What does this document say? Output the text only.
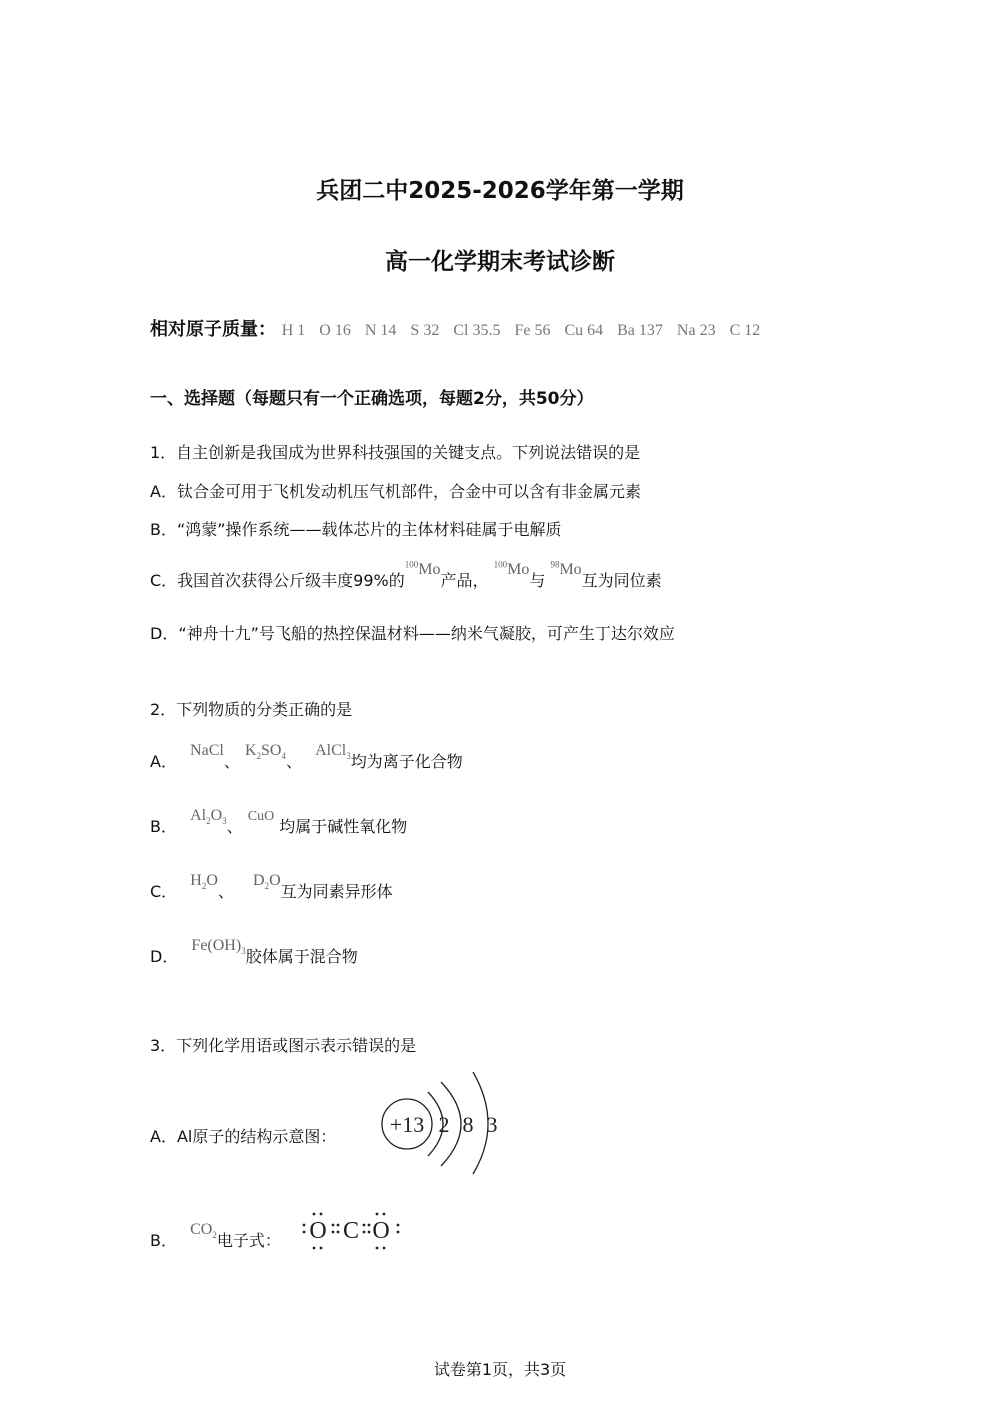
兵团二中2025-2026学年第一学期
高一化学期末考试诊断
相对原子质量： H 1 O 16 N 14 S 32 Cl 35.5 Fe 56 Cu 64 Ba 137 Na 23 C 12
一、选择题（每题只有一个正确选项，每题2分，共50分）
1．自主创新是我国成为世界科技强国的关键支点。下列说法错误的是
A．钛合金可用于飞机发动机压气机部件，合金中可以含有非金属元素
B．“鸿蒙”操作系统——载体芯片的主体材料硅属于电解质
C．我国首次获得公斤级丰度99%的$^{100}$Mo产品， $^{100}$Mo与 $^{98}$Mo互为同位素
D．“神舟十九”号飞船的热控保温材料——纳米气凝胶，可产生丁达尔效应
2．下列物质的分类正确的是
A． NaCl、 $K_2SO_4$、 AlCl$_3$均为离子化合物
B． $Al_2O_3$、 CuO 均属于碱性氧化物
C． $H_2O$、 $D_2O$互为同素异形体
D． $Fe(OH)_3$胶体属于混合物
3．下列化学用语或图示表示错误的是
A．Al原子的结构示意图： +13 2 8 3
B． $CO_2$电子式： O C O
试卷第1页，共3页
